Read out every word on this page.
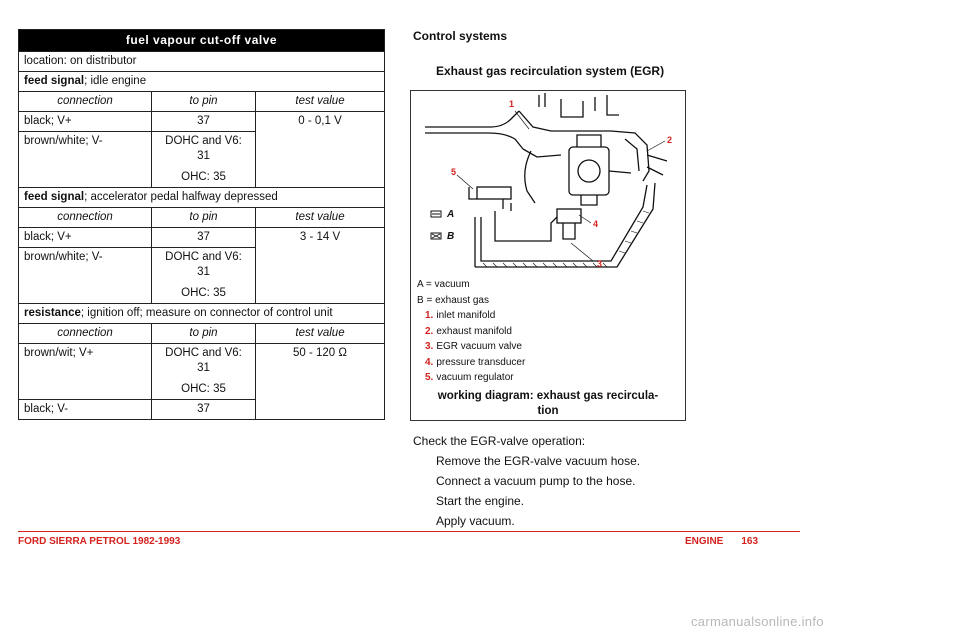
fuel vapour cut-off valve		
location: on distributor		
feed signal; idle engine		
connection	to pin	test value
black; V+	37	0 - 0,1 V
brown/white; V-	DOHC and V6:
31
OHC: 35	
feed signal; accelerator pedal halfway depressed		
connection	to pin	test value
black; V+	37	3 - 14 V
brown/white; V-	DOHC and V6:
31
OHC: 35	
resistance; ignition off; measure on connector of control unit		
connection	to pin	test value
brown/wit; V+	DOHC and V6:
31
OHC: 35	50 - 120 Ω
black; V-	37	
Control systems
Exhaust gas recirculation system (EGR)
1
2
3
4
5
A
B
A = vacuum
B = exhaust gas
1. inlet manifold
2. exhaust manifold
3. EGR vacuum valve
4. pressure transducer
5. vacuum regulator
working diagram: exhaust gas recircula-
tion
Check the EGR-valve operation:
Remove the EGR-valve vacuum hose.
Connect a vacuum pump to the hose.
Start the engine.
Apply vacuum.
FORD SIERRA PETROL 1982-1993	ENGINE 163
carmanualsonline.info
